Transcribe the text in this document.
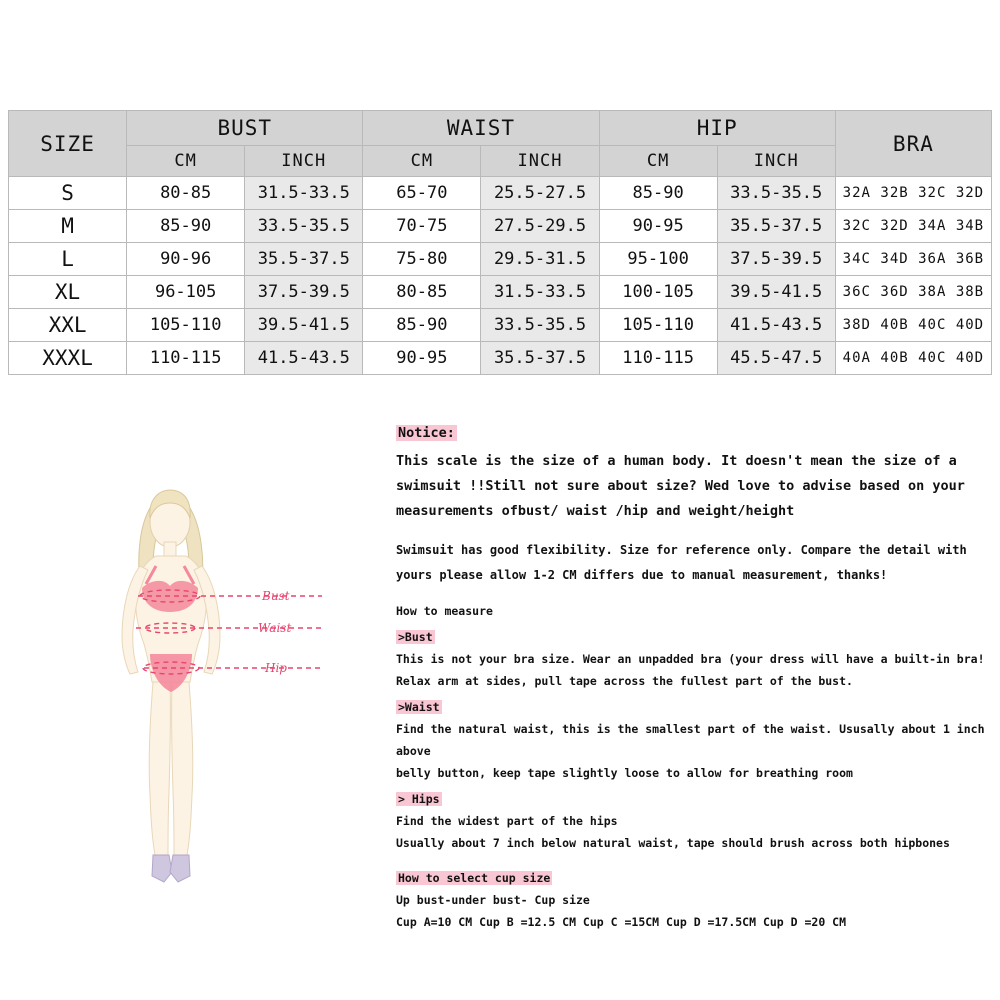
SIZE	BUST		WAIST		HIP		BRA
	CM	INCH	CM	INCH	CM	INCH	
S	80-85	31.5-33.5	65-70	25.5-27.5	85-90	33.5-35.5	32A 32B 32C 32D
M	85-90	33.5-35.5	70-75	27.5-29.5	90-95	35.5-37.5	32C 32D 34A 34B
L	90-96	35.5-37.5	75-80	29.5-31.5	95-100	37.5-39.5	34C 34D 36A 36B
XL	96-105	37.5-39.5	80-85	31.5-33.5	100-105	39.5-41.5	36C 36D 38A 38B
XXL	105-110	39.5-41.5	85-90	33.5-35.5	105-110	41.5-43.5	38D 40B 40C 40D
XXXL	110-115	41.5-43.5	90-95	35.5-37.5	110-115	45.5-47.5	40A 40B 40C 40D
Bust
Waist
Hip

Notice:

This scale is the size of a human body. It doesn't mean the size of a swimsuit !!Still not sure about size? Wed love to advise based on your measurements ofbust/ waist /hip and weight/height

Swimsuit has good flexibility. Size for reference only. Compare the detail with yours please allow 1-2 CM differs due to manual measurement, thanks!

How to measure

>Bust

This is not your bra size. Wear an unpadded bra (your dress will have a built-in bra!

Relax arm at sides, pull tape across the fullest part of the bust.

>Waist

Find the natural waist, this is the smallest part of the waist. Ususally about 1 inch above

belly button, keep tape slightly loose to allow for breathing room

> Hips

Find the widest part of the hips

Usually about 7 inch below natural waist, tape should brush across both hipbones

How to select cup size

Up bust-under bust- Cup size

Cup A=10 CM Cup B =12.5 CM Cup C =15CM Cup D =17.5CM Cup D =20 CM
